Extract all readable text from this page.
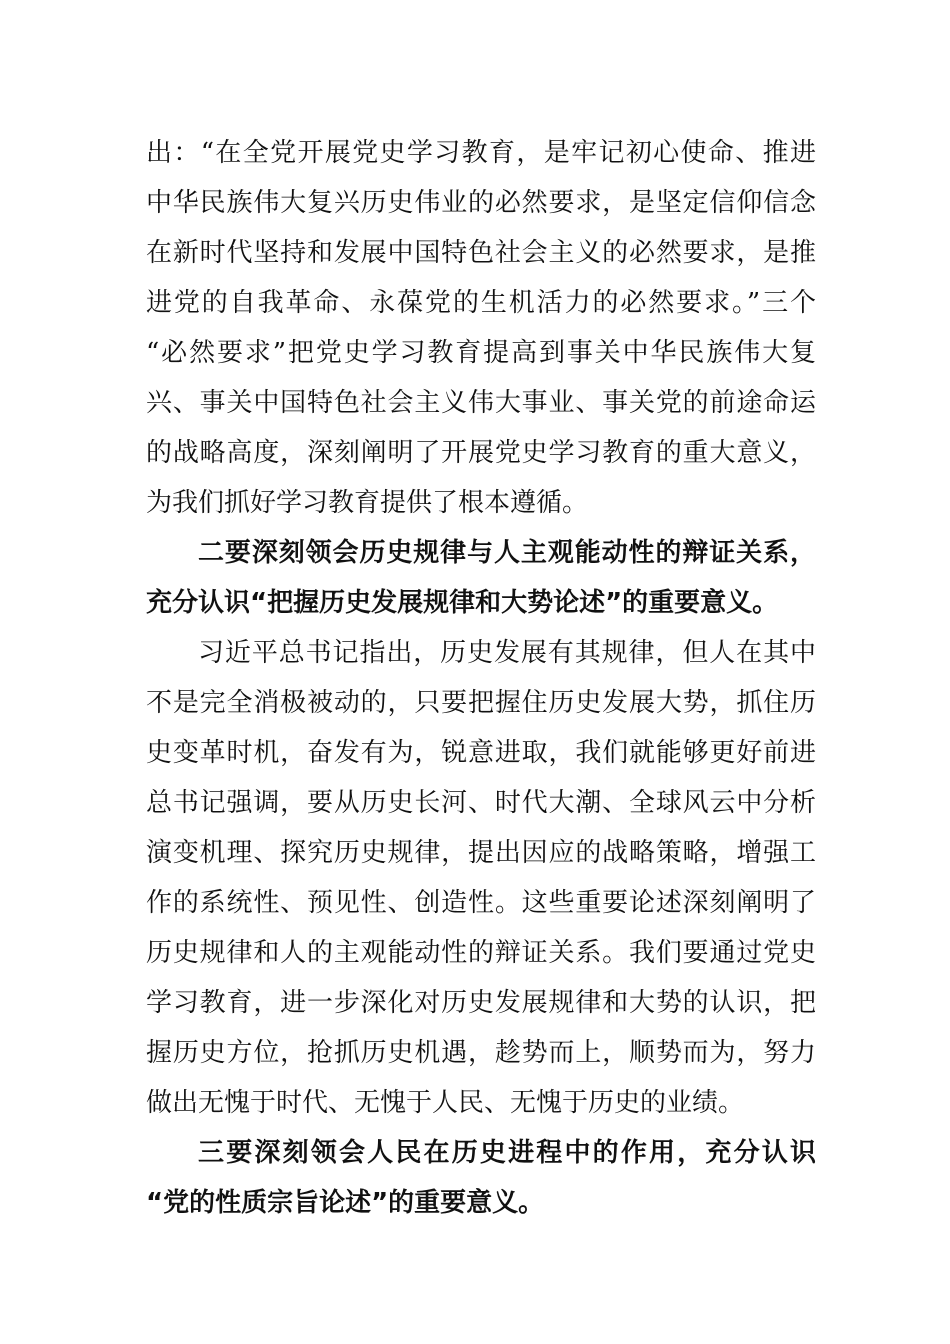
出：“在全党开展党史学习教育，是牢记初心使命、推进
中华民族伟大复兴历史伟业的必然要求，是坚定信仰信念
在新时代坚持和发展中国特色社会主义的必然要求，是推
进党的自我革命、永葆党的生机活力的必然要求。”三个
“必然要求”把党史学习教育提高到事关中华民族伟大复
兴、事关中国特色社会主义伟大事业、事关党的前途命运
的战略高度，深刻阐明了开展党史学习教育的重大意义，
为我们抓好学习教育提供了根本遵循。
二要深刻领会历史规律与人主观能动性的辩证关系，
充分认识“把握历史发展规律和大势论述”的重要意义。
习近平总书记指出，历史发展有其规律，但人在其中
不是完全消极被动的，只要把握住历史发展大势，抓住历
史变革时机，奋发有为，锐意进取，我们就能够更好前进
总书记强调，要从历史长河、时代大潮、全球风云中分析
演变机理、探究历史规律，提出因应的战略策略，增强工
作的系统性、预见性、创造性。这些重要论述深刻阐明了
历史规律和人的主观能动性的辩证关系。我们要通过党史
学习教育，进一步深化对历史发展规律和大势的认识，把
握历史方位，抢抓历史机遇，趁势而上，顺势而为，努力
做出无愧于时代、无愧于人民、无愧于历史的业绩。
三要深刻领会人民在历史进程中的作用，充分认识
“党的性质宗旨论述”的重要意义。
